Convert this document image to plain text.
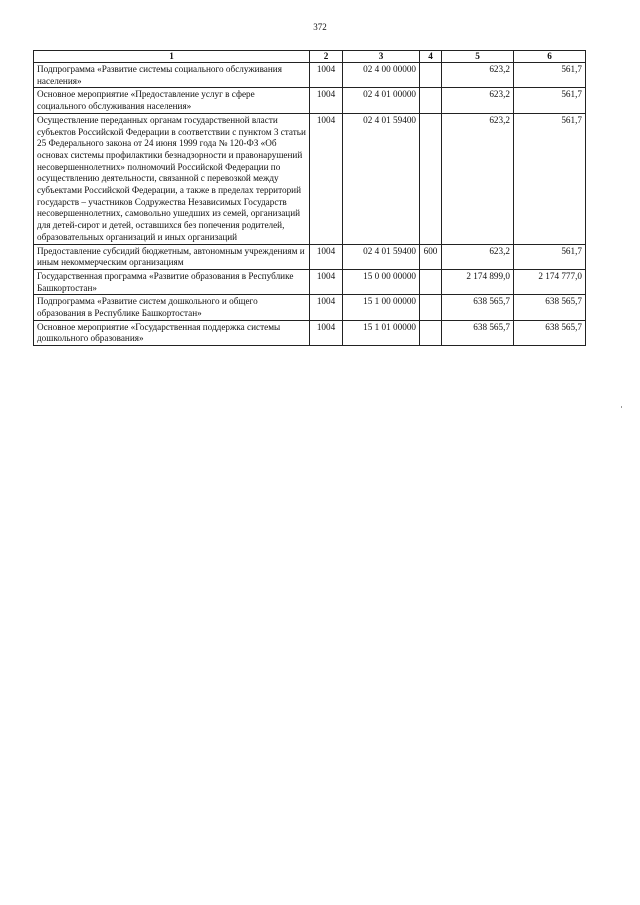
372
1	2	3	4	5	6
Подпрограмма «Развитие системы социального обслуживания населения»	1004	02 4 00 00000		623,2	561,7
Основное мероприятие «Предоставление услуг в сфере социального обслуживания населения»	1004	02 4 01 00000		623,2	561,7
Осуществление переданных органам государственной власти субъектов Российской Федерации в соответствии с пунктом 3 статьи 25 Федерального закона от 24 июня 1999 года № 120-ФЗ «Об основах системы профилактики безнадзорности и правонарушений несовершеннолетних» полномочий Российской Федерации по осуществлению деятельности, связанной с перевозкой между субъектами Российской Федерации, а также в пределах территорий государств – участников Содружества Независимых Государств несовершеннолетних, самовольно ушедших из семей, организаций для детей-сирот и детей, оставшихся без попечения родителей, образовательных организаций и иных организаций	1004	02 4 01 59400		623,2	561,7
Предоставление субсидий бюджетным, автономным учреждениям и иным некоммерческим организациям	1004	02 4 01 59400	600	623,2	561,7
Государственная программа «Развитие образования в Республике Башкортостан»	1004	15 0 00 00000		2 174 899,0	2 174 777,0
Подпрограмма «Развитие систем дошкольного и общего образования в Республике Башкортостан»	1004	15 1 00 00000		638 565,7	638 565,7
Основное мероприятие «Государственная поддержка системы дошкольного образования»	1004	15 1 01 00000		638 565,7	638 565,7
